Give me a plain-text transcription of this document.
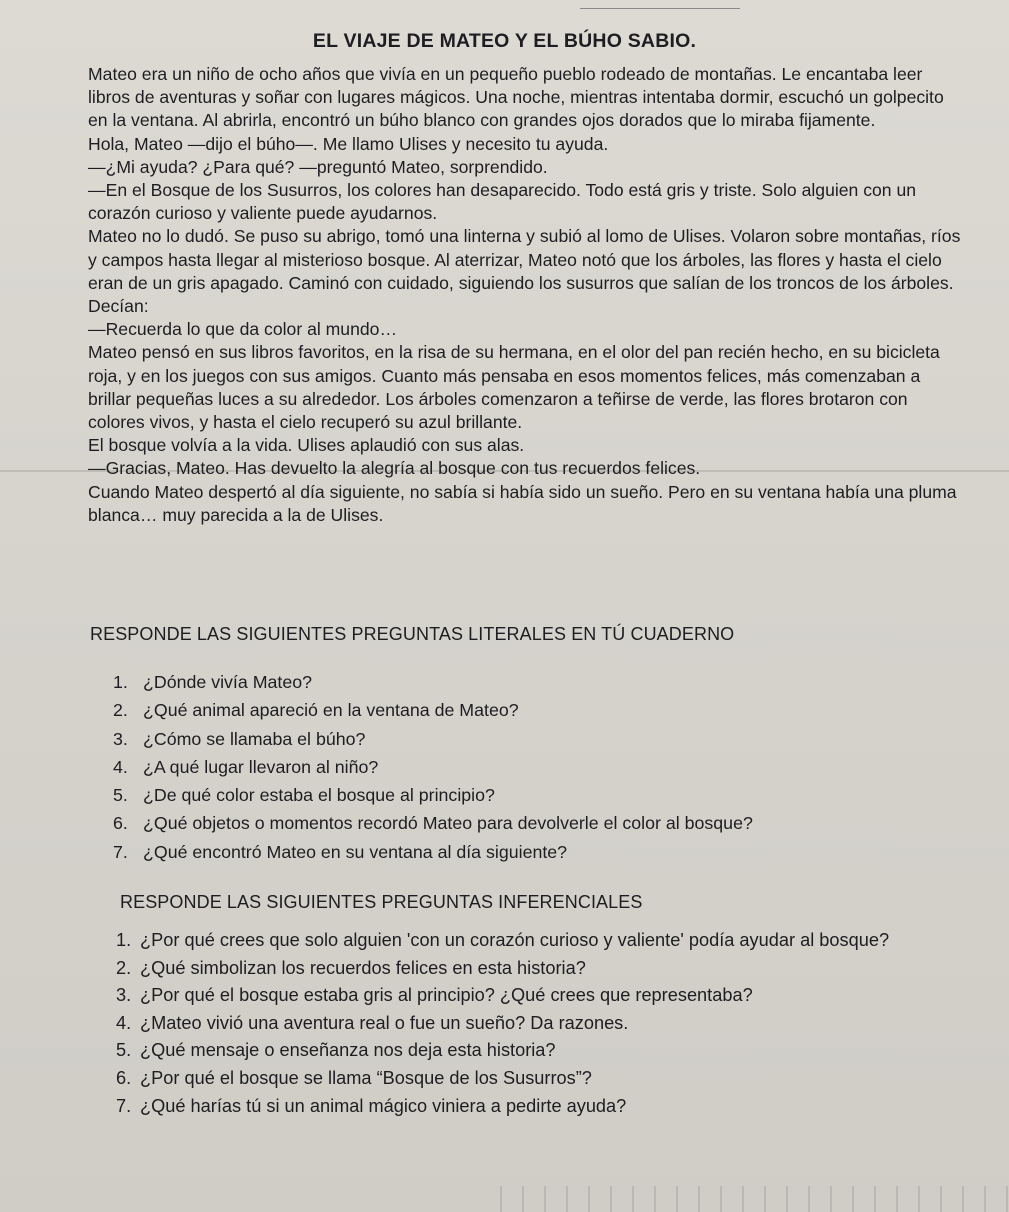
EL VIAJE DE MATEO Y EL BÚHO SABIO.

Mateo era un niño de ocho años que vivía en un pequeño pueblo rodeado de montañas. Le encantaba leer libros de aventuras y soñar con lugares mágicos. Una noche, mientras intentaba dormir, escuchó un golpecito en la ventana. Al abrirla, encontró un búho blanco con grandes ojos dorados que lo miraba fijamente.

Hola, Mateo —dijo el búho—. Me llamo Ulises y necesito tu ayuda.

—¿Mi ayuda? ¿Para qué? —preguntó Mateo, sorprendido.

—En el Bosque de los Susurros, los colores han desaparecido. Todo está gris y triste. Solo alguien con un corazón curioso y valiente puede ayudarnos.

Mateo no lo dudó. Se puso su abrigo, tomó una linterna y subió al lomo de Ulises. Volaron sobre montañas, ríos y campos hasta llegar al misterioso bosque. Al aterrizar, Mateo notó que los árboles, las flores y hasta el cielo eran de un gris apagado. Caminó con cuidado, siguiendo los susurros que salían de los troncos de los árboles. Decían:

—Recuerda lo que da color al mundo…

Mateo pensó en sus libros favoritos, en la risa de su hermana, en el olor del pan recién hecho, en su bicicleta roja, y en los juegos con sus amigos. Cuanto más pensaba en esos momentos felices, más comenzaban a brillar pequeñas luces a su alrededor. Los árboles comenzaron a teñirse de verde, las flores brotaron con colores vivos, y hasta el cielo recuperó su azul brillante.

El bosque volvía a la vida. Ulises aplaudió con sus alas.

—Gracias, Mateo. Has devuelto la alegría al bosque con tus recuerdos felices.

Cuando Mateo despertó al día siguiente, no sabía si había sido un sueño. Pero en su ventana había una pluma blanca… muy parecida a la de Ulises.

RESPONDE LAS SIGUIENTES PREGUNTAS LITERALES EN TÚ CUADERNO
1. ¿Dónde vivía Mateo?
2. ¿Qué animal apareció en la ventana de Mateo?
3. ¿Cómo se llamaba el búho?
4. ¿A qué lugar llevaron al niño?
5. ¿De qué color estaba el bosque al principio?
6. ¿Qué objetos o momentos recordó Mateo para devolverle el color al bosque?
7. ¿Qué encontró Mateo en su ventana al día siguiente?
RESPONDE LAS SIGUIENTES PREGUNTAS INFERENCIALES
1. ¿Por qué crees que solo alguien 'con un corazón curioso y valiente' podía ayudar al bosque?
2. ¿Qué simbolizan los recuerdos felices en esta historia?
3. ¿Por qué el bosque estaba gris al principio? ¿Qué crees que representaba?
4. ¿Mateo vivió una aventura real o fue un sueño? Da razones.
5. ¿Qué mensaje o enseñanza nos deja esta historia?
6. ¿Por qué el bosque se llama “Bosque de los Susurros”?
7. ¿Qué harías tú si un animal mágico viniera a pedirte ayuda?
